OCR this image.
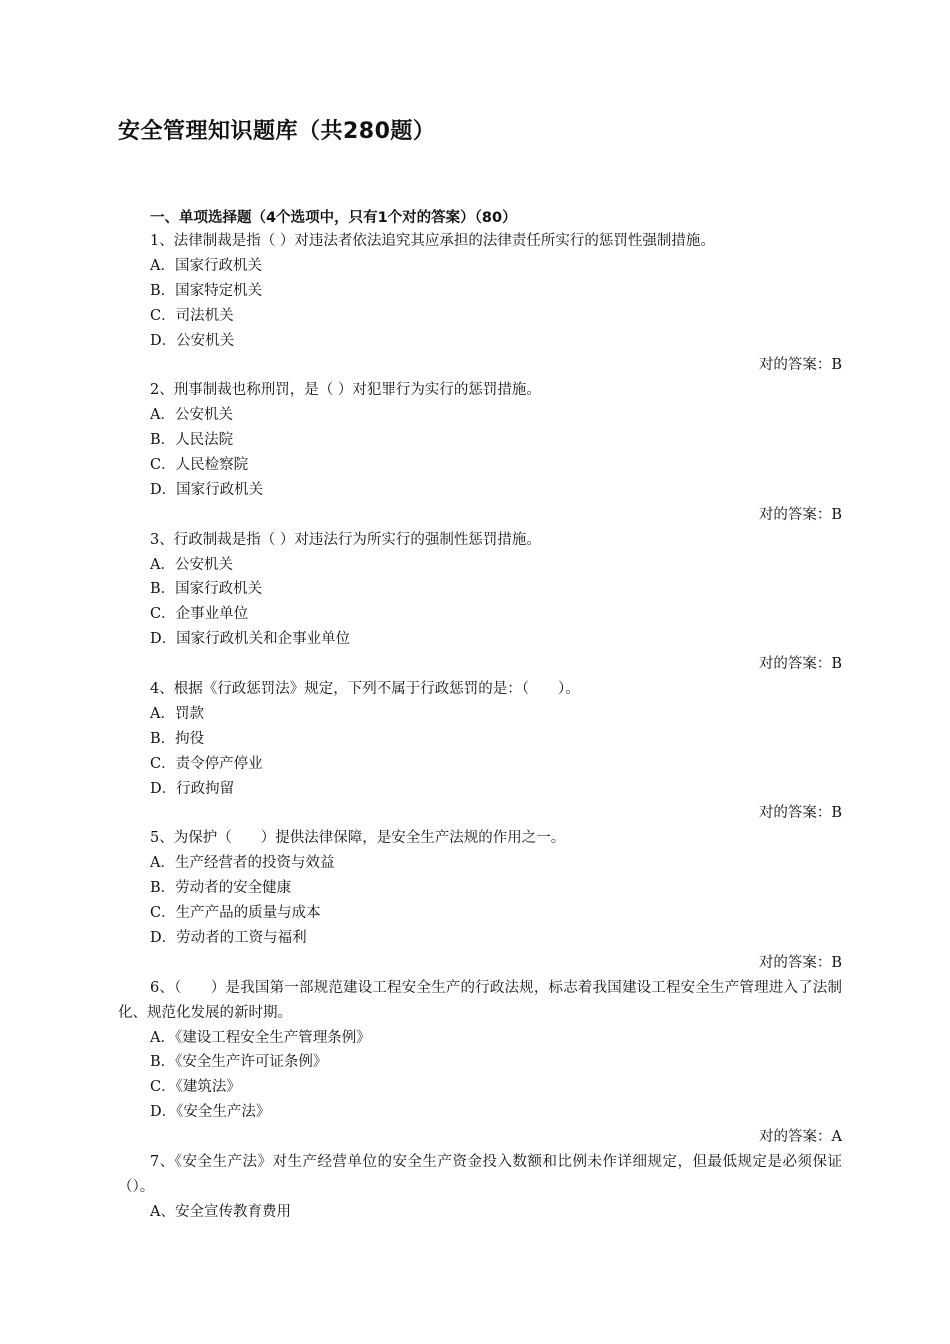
安全管理知识题库（共280题）
一、单项选择题（4个选项中，只有1个对的答案）（80）
1、法律制裁是指（ ）对违法者依法追究其应承担的法律责任所实行的惩罚性强制措施。
A．国家行政机关
B．国家特定机关
C．司法机关
D．公安机关
对的答案：B
2、刑事制裁也称刑罚，是（ ）对犯罪行为实行的惩罚措施。
A．公安机关
B．人民法院
C．人民检察院
D．国家行政机关
对的答案：B
3、行政制裁是指（ ）对违法行为所实行的强制性惩罚措施。
A．公安机关
B．国家行政机关
C．企事业单位
D．国家行政机关和企事业单位
对的答案：B
4、根据《行政惩罚法》规定，下列不属于行政惩罚的是：（　　）。
A．罚款
B．拘役
C．责令停产停业
D．行政拘留
对的答案：B
5、为保护（　　）提供法律保障，是安全生产法规的作用之一。
A．生产经营者的投资与效益
B．劳动者的安全健康
C．生产产品的质量与成本
D．劳动者的工资与福利
对的答案：B
6、（　　）是我国第一部规范建设工程安全生产的行政法规，标志着我国建设工程安全生产管理进入了法制化、规范化发展的新时期。
A．《建设工程安全生产管理条例》
B．《安全生产许可证条例》
C．《建筑法》
D．《安全生产法》
对的答案：A
7、《安全生产法》对生产经营单位的安全生产资金投入数额和比例未作详细规定，但最低规定是必须保证（）。
A、安全宣传教育费用
